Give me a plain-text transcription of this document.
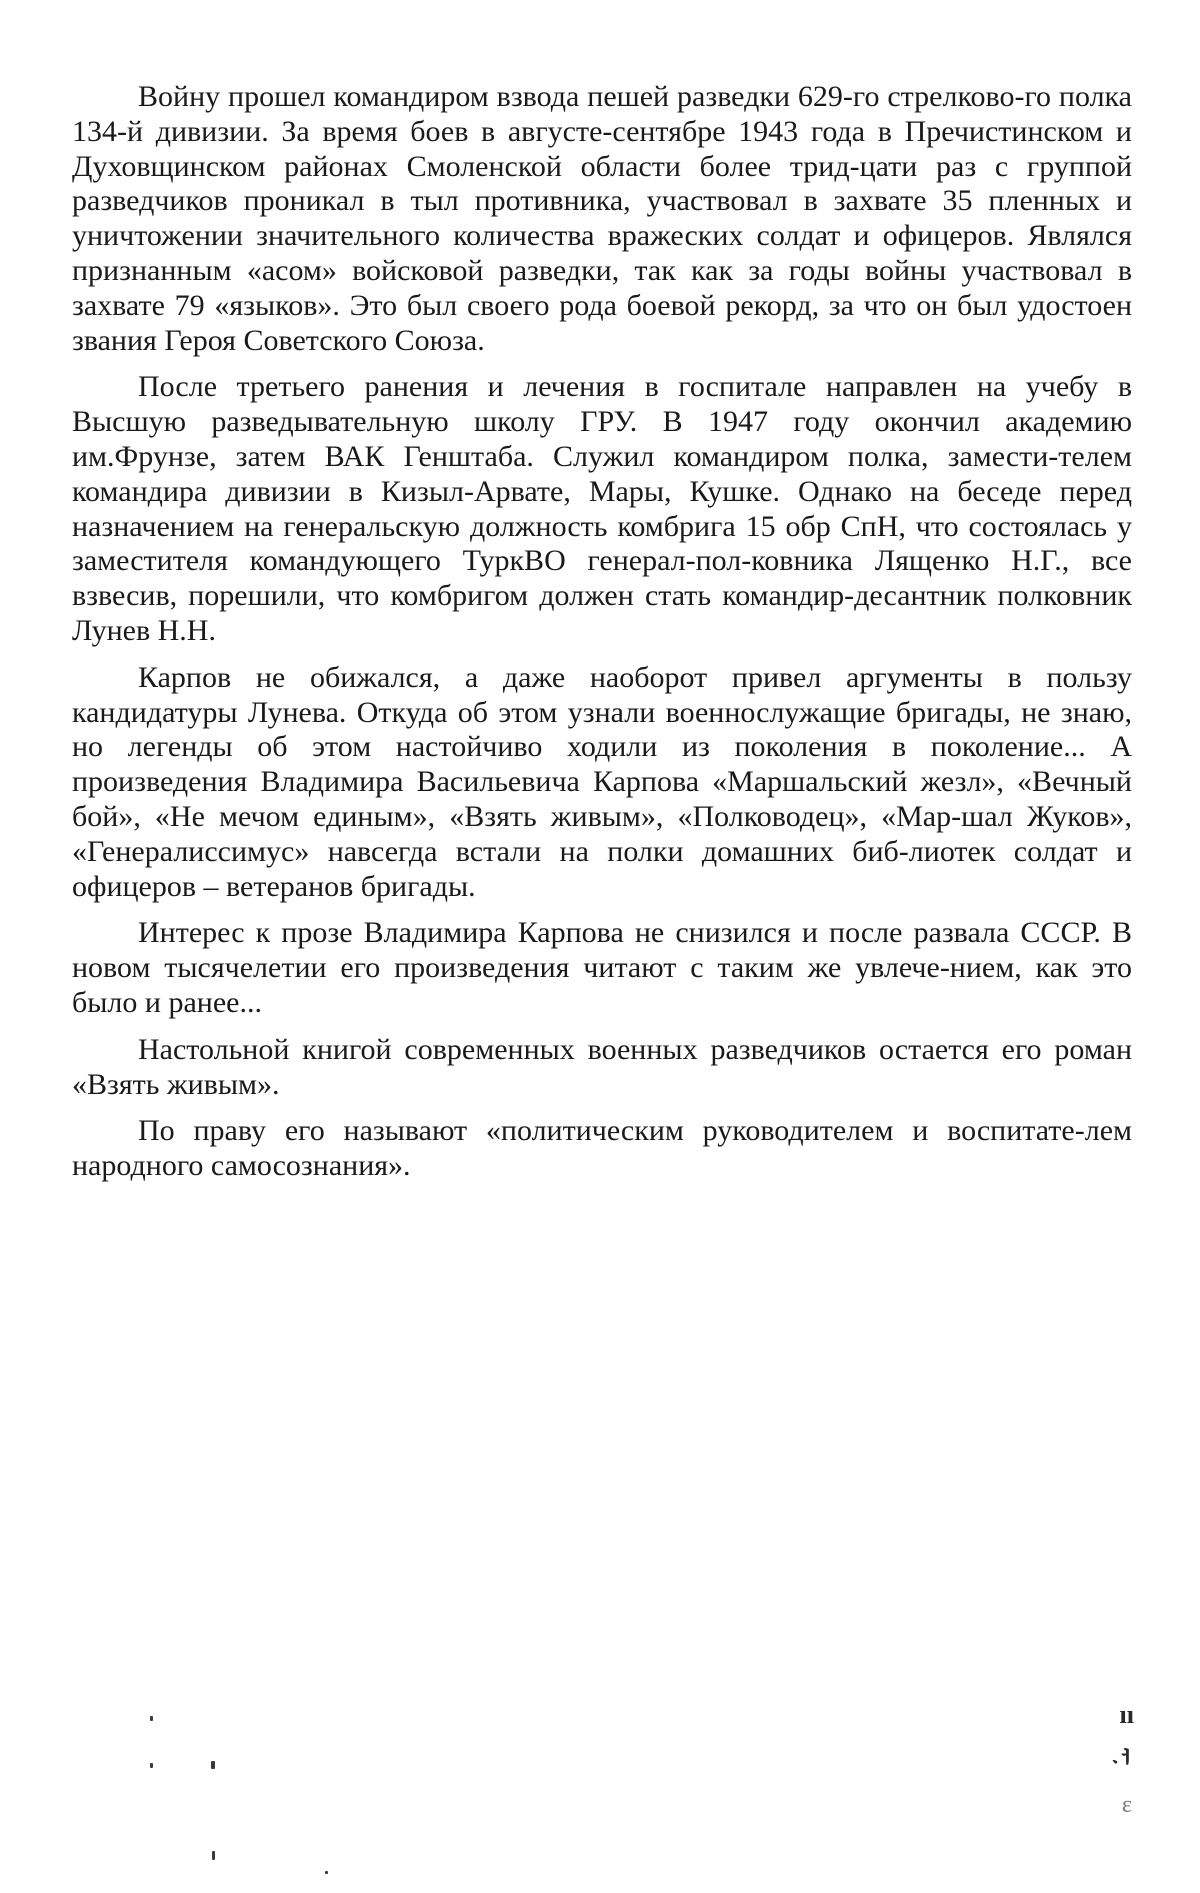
Войну прошел командиром взвода пешей разведки 629-го стрелково-го полка 134-й дивизии. За время боев в августе-сентябре 1943 года в Пречистинском и Духовщинском районах Смоленской области более трид-цати раз с группой разведчиков проникал в тыл противника, участвовал в захвате 35 пленных и уничтожении значительного количества вражеских солдат и офицеров. Являлся признанным «асом» войсковой разведки, так как за годы войны участвовал в захвате 79 «языков». Это был своего рода боевой рекорд, за что он был удостоен звания Героя Советского Союза.

После третьего ранения и лечения в госпитале направлен на учебу в Высшую разведывательную школу ГРУ. В 1947 году окончил академию им.Фрунзе, затем ВАК Генштаба. Служил командиром полка, замести-телем командира дивизии в Кизыл-Арвате, Мары, Кушке. Однако на беседе перед назначением на генеральскую должность комбрига 15 обр СпН, что состоялась у заместителя командующего ТуркВО генерал-пол-ковника Лященко Н.Г., все взвесив, порешили, что комбригом должен стать командир-десантник полковник Лунев Н.Н.

Карпов не обижался, а даже наоборот привел аргументы в пользу кандидатуры Лунева. Откуда об этом узнали военнослужащие бригады, не знаю, но легенды об этом настойчиво ходили из поколения в поколение... А произведения Владимира Васильевича Карпова «Маршальский жезл», «Вечный бой», «Не мечом единым», «Взять живым», «Полководец», «Мар-шал Жуков», «Генералиссимус» навсегда встали на полки домашних биб-лиотек солдат и офицеров – ветеранов бригады.

Интерес к прозе Владимира Карпова не снизился и после развала СССР. В новом тысячелетии его произведения читают с таким же увлече-нием, как это было и ранее...

Настольной книгой современных военных разведчиков остается его роман «Взять живым».

По праву его называют «политическим руководителем и воспитате-лем народного самосознания».

ıı
ᆟ
ε
